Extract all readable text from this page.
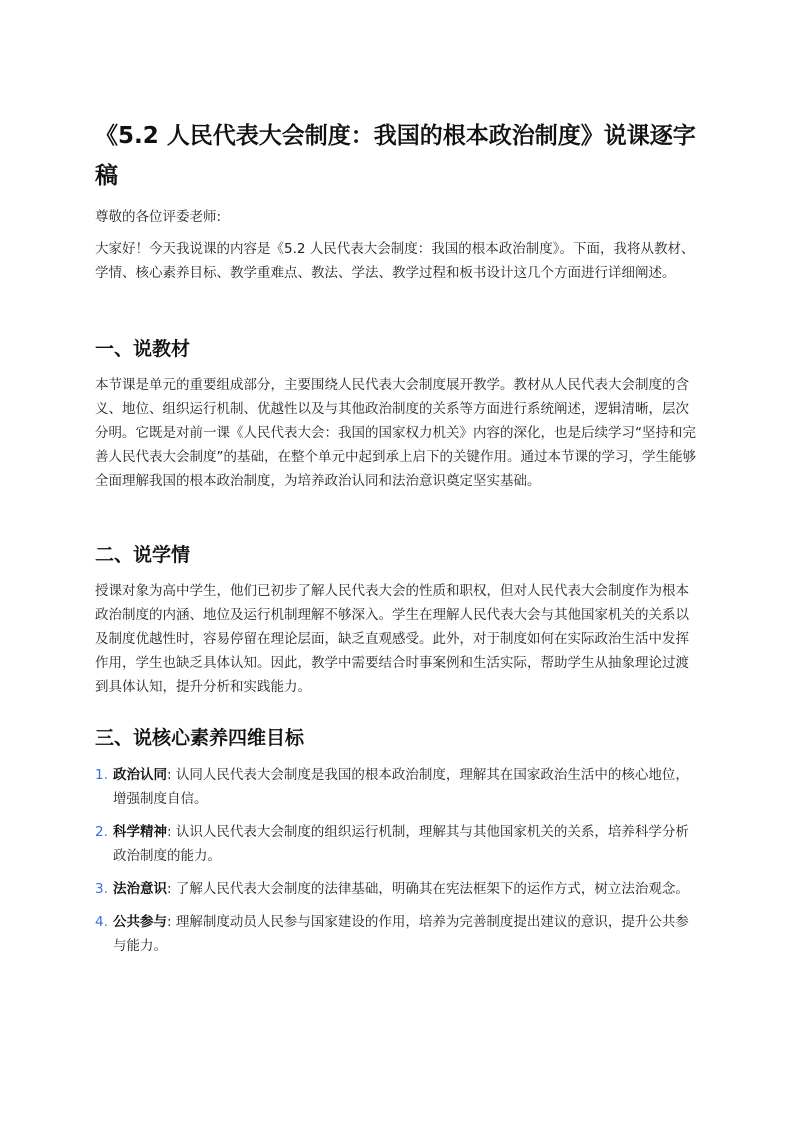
《5.2 人民代表大会制度：我国的根本政治制度》说课逐字稿

尊敬的各位评委老师:

大家好！今天我说课的内容是《5.2 人民代表大会制度：我国的根本政治制度》。下面，我将从教材、学情、核心素养目标、教学重难点、教法、学法、教学过程和板书设计这几个方面进行详细阐述。

一、说教材

本节课是单元的重要组成部分，主要围绕人民代表大会制度展开教学。教材从人民代表大会制度的含义、地位、组织运行机制、优越性以及与其他政治制度的关系等方面进行系统阐述，逻辑清晰，层次分明。它既是对前一课《人民代表大会：我国的国家权力机关》内容的深化，也是后续学习“坚持和完善人民代表大会制度”的基础，在整个单元中起到承上启下的关键作用。通过本节课的学习，学生能够全面理解我国的根本政治制度，为培养政治认同和法治意识奠定坚实基础。

二、说学情

授课对象为高中学生，他们已初步了解人民代表大会的性质和职权，但对人民代表大会制度作为根本政治制度的内涵、地位及运行机制理解不够深入。学生在理解人民代表大会与其他国家机关的关系以及制度优越性时，容易停留在理论层面，缺乏直观感受。此外，对于制度如何在实际政治生活中发挥作用，学生也缺乏具体认知。因此，教学中需要结合时事案例和生活实际，帮助学生从抽象理论过渡到具体认知，提升分析和实践能力。

三、说核心素养四维目标
1. 政治认同: 认同人民代表大会制度是我国的根本政治制度，理解其在国家政治生活中的核心地位，增强制度自信。
2. 科学精神: 认识人民代表大会制度的组织运行机制，理解其与其他国家机关的关系，培养科学分析政治制度的能力。
3. 法治意识: 了解人民代表大会制度的法律基础，明确其在宪法框架下的运作方式，树立法治观念。
4. 公共参与: 理解制度动员人民参与国家建设的作用，培养为完善制度提出建议的意识，提升公共参与能力。
